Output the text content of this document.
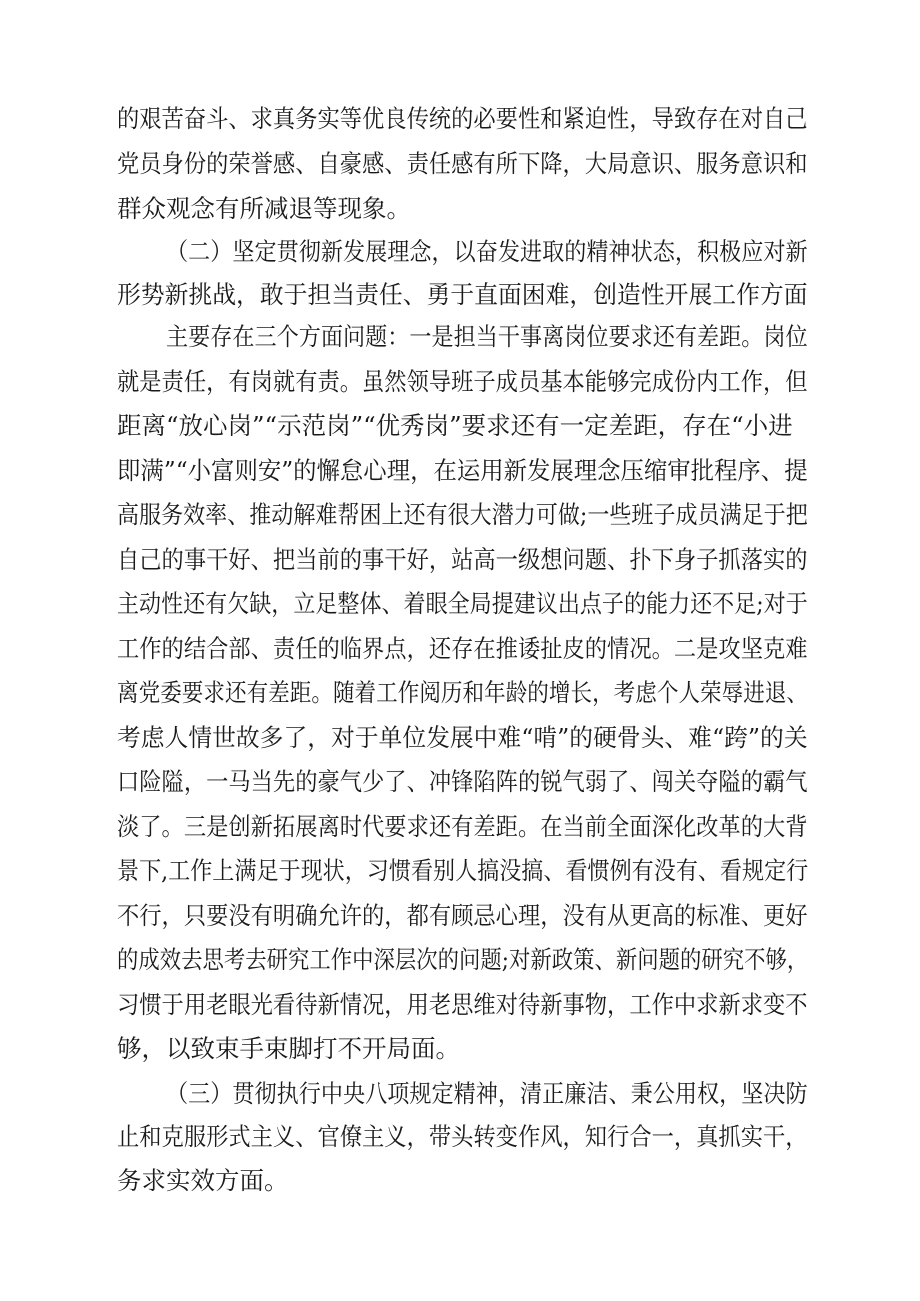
的艰苦奋斗、求真务实等优良传统的必要性和紧迫性，导致存在对自己

党员身份的荣誉感、自豪感、责任感有所下降，大局意识、服务意识和

群众观念有所减退等现象。

（二）坚定贯彻新发展理念，以奋发进取的精神状态，积极应对新

形势新挑战，敢于担当责任、勇于直面困难，创造性开展工作方面

主要存在三个方面问题：一是担当干事离岗位要求还有差距。岗位

就是责任，有岗就有责。虽然领导班子成员基本能够完成份内工作，但

距离“放心岗”“示范岗”“优秀岗”要求还有一定差距，存在“小进

即满”“小富则安”的懈怠心理，在运用新发展理念压缩审批程序、提

高服务效率、推动解难帮困上还有很大潜力可做;一些班子成员满足于把

自己的事干好、把当前的事干好，站高一级想问题、扑下身子抓落实的

主动性还有欠缺，立足整体、着眼全局提建议出点子的能力还不足;对于

工作的结合部、责任的临界点，还存在推诿扯皮的情况。二是攻坚克难

离党委要求还有差距。随着工作阅历和年龄的增长，考虑个人荣辱进退、

考虑人情世故多了，对于单位发展中难“啃”的硬骨头、难“跨”的关

口险隘，一马当先的豪气少了、冲锋陷阵的锐气弱了、闯关夺隘的霸气

淡了。三是创新拓展离时代要求还有差距。在当前全面深化改革的大背

景下,工作上满足于现状，习惯看别人搞没搞、看惯例有没有、看规定行

不行，只要没有明确允许的，都有顾忌心理，没有从更高的标准、更好

的成效去思考去研究工作中深层次的问题;对新政策、新问题的研究不够，

习惯于用老眼光看待新情况，用老思维对待新事物，工作中求新求变不

够，以致束手束脚打不开局面。

（三）贯彻执行中央八项规定精神，清正廉洁、秉公用权，坚决防

止和克服形式主义、官僚主义，带头转变作风，知行合一，真抓实干，

务求实效方面。
